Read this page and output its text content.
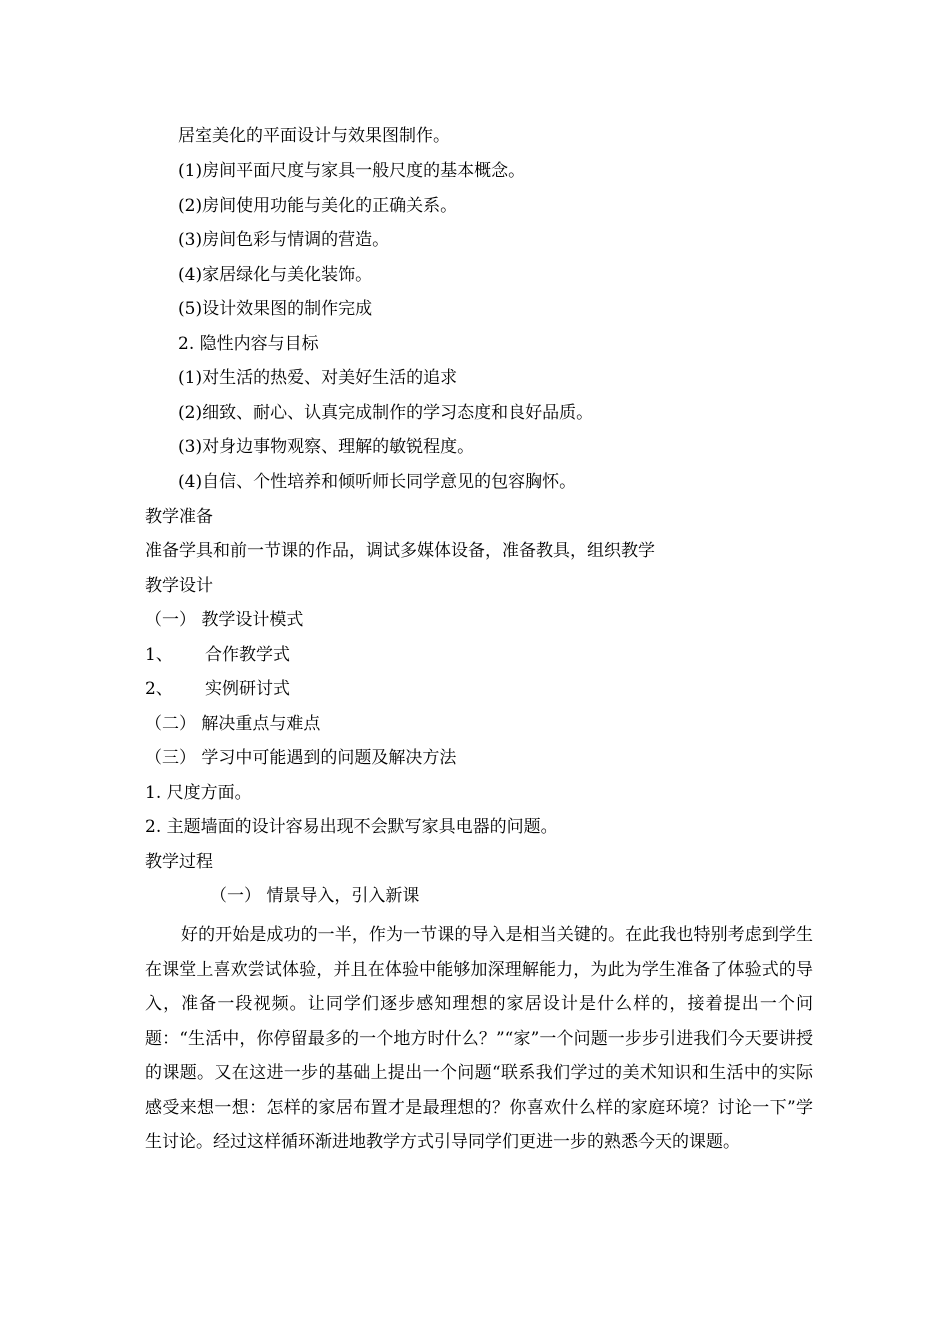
居室美化的平面设计与效果图制作。
(1)房间平面尺度与家具一般尺度的基本概念。
(2)房间使用功能与美化的正确关系。
(3)房间色彩与情调的营造。
(4)家居绿化与美化装饰。
(5)设计效果图的制作完成
2. 隐性内容与目标
(1)对生活的热爱、对美好生活的追求
(2)细致、耐心、认真完成制作的学习态度和良好品质。
(3)对身边事物观察、理解的敏锐程度。
(4)自信、个性培养和倾听师长同学意见的包容胸怀。
教学准备
准备学具和前一节课的作品，调试多媒体设备，准备教具，组织教学
教学设计
（一） 教学设计模式
1、 合作教学式
2、 实例研讨式
（二） 解决重点与难点
（三） 学习中可能遇到的问题及解决方法
1. 尺度方面。
2. 主题墙面的设计容易出现不会默写家具电器的问题。
教学过程
（一） 情景导入，引入新课
好的开始是成功的一半，作为一节课的导入是相当关键的。在此我也特别考虑到学生在课堂上喜欢尝试体验，并且在体验中能够加深理解能力，为此为学生准备了体验式的导入，准备一段视频。让同学们逐步感知理想的家居设计是什么样的，接着提出一个问题：“生活中，你停留最多的一个地方时什么？”“家”一个问题一步步引进我们今天要讲授的课题。又在这进一步的基础上提出一个问题“联系我们学过的美术知识和生活中的实际感受来想一想：怎样的家居布置才是最理想的？你喜欢什么样的家庭环境？讨论一下”学生讨论。经过这样循环渐进地教学方式引导同学们更进一步的熟悉今天的课题。
